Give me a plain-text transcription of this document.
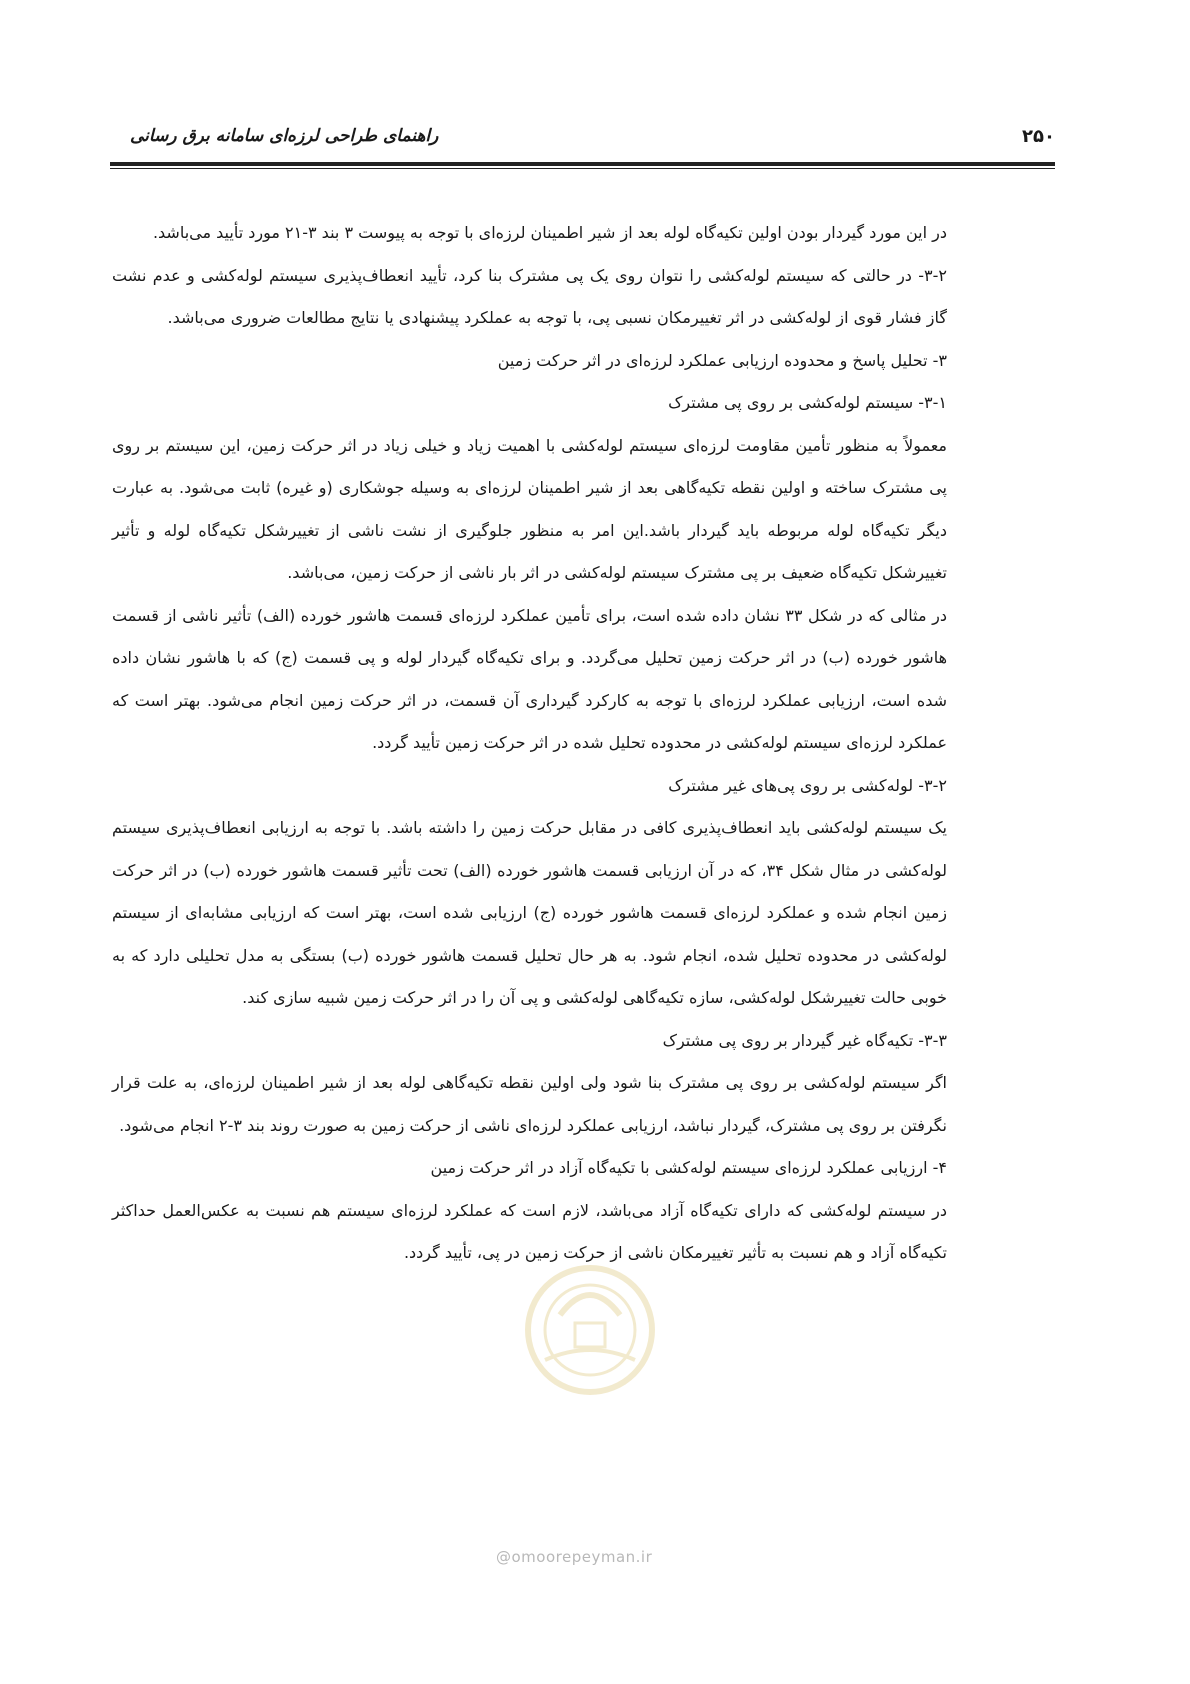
۲۵۰
راهنمای طراحی لرزه‌ای سامانه برق رسانی

در این مورد گیردار بودن اولین تکیه‌گاه لوله بعد از شیر اطمینان لرزه‌ای با توجه به پیوست ۳ بند ۳-۲۱ مورد تأیید می‌باشد.

۳-۲- در حالتی که سیستم لوله‌کشی را نتوان روی یک پی مشترک بنا کرد، تأیید انعطاف‌پذیری سیستم لوله‌کشی و عدم نشت گاز فشار قوی از لوله‌کشی در اثر تغییرمکان نسبی پی، با توجه به عملکرد پیشنهادی یا نتایج مطالعات ضروری می‌باشد.

۳- تحلیل پاسخ و محدوده ارزیابی عملکرد لرزه‌ای در اثر حرکت زمین

۳-۱- سیستم لوله‌کشی بر روی پی مشترک

معمولاً به منظور تأمین مقاومت لرزه‌ای سیستم لوله‌کشی با اهمیت زیاد و خیلی زیاد در اثر حرکت زمین، این سیستم بر روی پی مشترک ساخته و اولین نقطه تکیه‌گاهی بعد از شیر اطمینان لرزه‌ای به وسیله جوشکاری (و غیره) ثابت می‌شود. به عبارت دیگر تکیه‌گاه لوله مربوطه باید گیردار باشد.این امر به منظور جلوگیری از نشت ناشی از تغییرشکل تکیه‌گاه لوله و تأثیر تغییرشکل تکیه‌گاه ضعیف بر پی مشترک سیستم لوله‌کشی در اثر بار ناشی از حرکت زمین، می‌باشد.

در مثالی که در شکل ۳۳ نشان داده شده است، برای تأمین عملکرد لرزه‌ای قسمت هاشور خورده (الف) تأثیر ناشی از قسمت هاشور خورده (ب) در اثر حرکت زمین تحلیل می‌گردد. و برای تکیه‌گاه گیردار لوله و پی قسمت (ج) که با هاشور نشان داده شده است، ارزیابی عملکرد لرزه‌ای با توجه به کارکرد گیرداری آن قسمت، در اثر حرکت زمین انجام می‌شود. بهتر است که عملکرد لرزه‌ای سیستم لوله‌کشی در محدوده تحلیل شده در اثر حرکت زمین تأیید گردد.

۳-۲- لوله‌کشی بر روی پی‌های غیر مشترک

یک سیستم لوله‌کشی باید انعطاف‌پذیری کافی در مقابل حرکت زمین را داشته باشد. با توجه به ارزیابی انعطاف‌پذیری سیستم لوله‌کشی در مثال شکل ۳۴، که در آن ارزیابی قسمت هاشور خورده (الف) تحت تأثیر قسمت هاشور خورده (ب) در اثر حرکت زمین انجام شده و عملکرد لرزه‌ای قسمت هاشور خورده (ج) ارزیابی شده است، بهتر است که ارزیابی مشابه‌ای از سیستم لوله‌کشی در محدوده تحلیل شده، انجام شود. به هر حال تحلیل قسمت هاشور خورده (ب) بستگی به مدل تحلیلی دارد که به خوبی حالت تغییرشکل لوله‌کشی، سازه تکیه‌گاهی لوله‌کشی و پی آن را در اثر حرکت زمین شبیه سازی کند.

۳-۳- تکیه‌گاه غیر گیردار بر روی پی مشترک

اگر سیستم لوله‌کشی بر روی پی مشترک بنا شود ولی اولین نقطه تکیه‌گاهی لوله بعد از شیر اطمینان لرزه‌ای، به علت قرار نگرفتن بر روی پی مشترک، گیردار نباشد، ارزیابی عملکرد لرزه‌ای ناشی از حرکت زمین به صورت روند بند ۳-۲ انجام می‌شود.

۴- ارزیابی عملکرد لرزه‌ای سیستم لوله‌کشی با تکیه‌گاه آزاد در اثر حرکت زمین

در سیستم لوله‌کشی که دارای تکیه‌گاه آزاد می‌باشد، لازم است که عملکرد لرزه‌ای سیستم هم نسبت به عکس‌العمل حداکثر تکیه‌گاه آزاد و هم نسبت به تأثیر تغییرمکان ناشی از حرکت زمین در پی، تأیید گردد.

@omoorepeyman.ir
